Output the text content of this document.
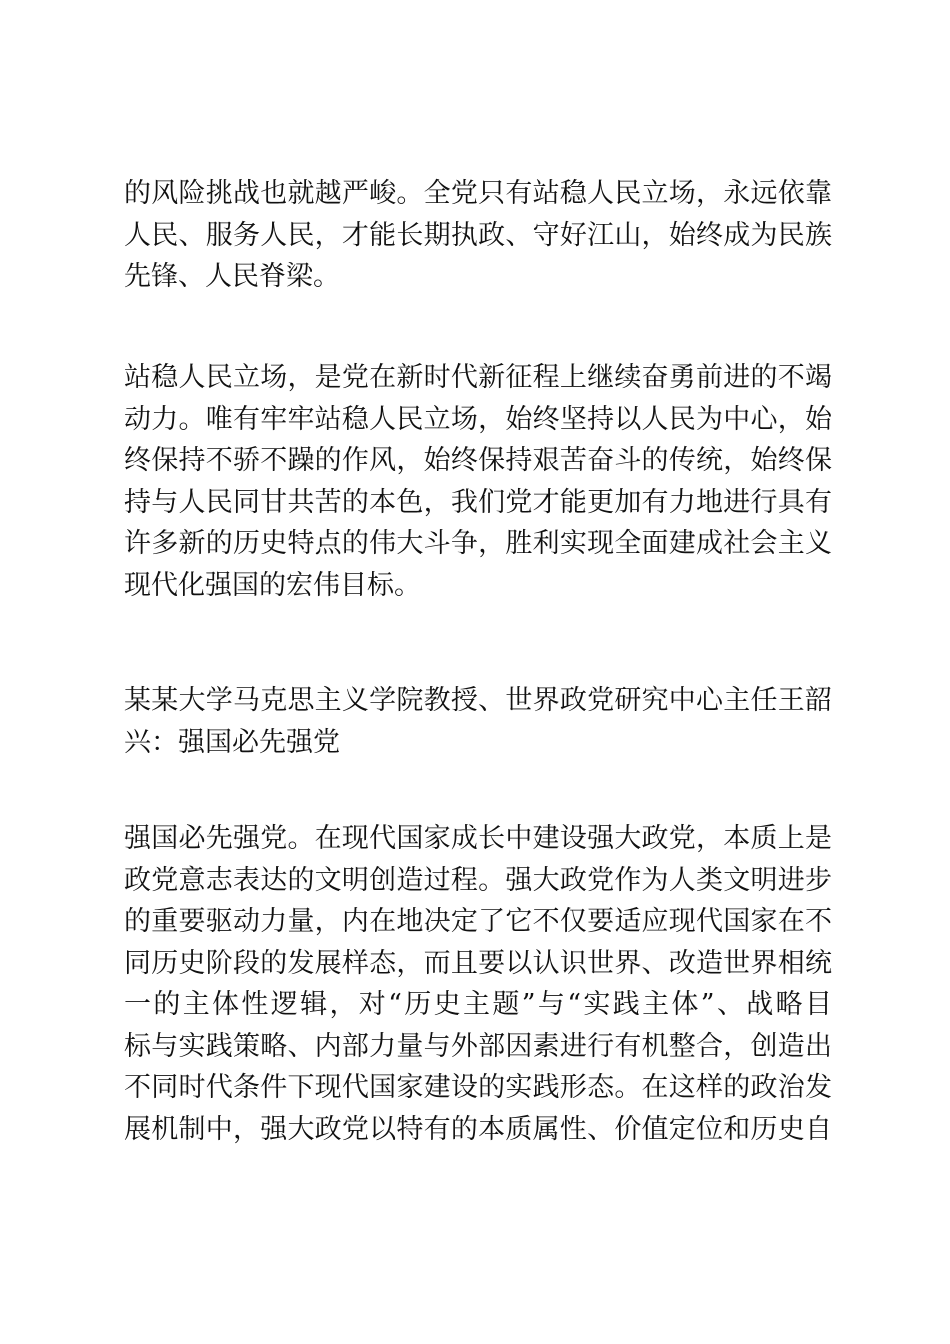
的风险挑战也就越严峻。全党只有站稳人民立场，永远依靠
人民、服务人民，才能长期执政、守好江山，始终成为民族
先锋、人民脊梁。
站稳人民立场，是党在新时代新征程上继续奋勇前进的不竭
动力。唯有牢牢站稳人民立场，始终坚持以人民为中心，始
终保持不骄不躁的作风，始终保持艰苦奋斗的传统，始终保
持与人民同甘共苦的本色，我们党才能更加有力地进行具有
许多新的历史特点的伟大斗争，胜利实现全面建成社会主义
现代化强国的宏伟目标。
某某大学马克思主义学院教授、世界政党研究中心主任王韶
兴：强国必先强党
强国必先强党。在现代国家成长中建设强大政党，本质上是
政党意志表达的文明创造过程。强大政党作为人类文明进步
的重要驱动力量，内在地决定了它不仅要适应现代国家在不
同历史阶段的发展样态，而且要以认识世界、改造世界相统
一的主体性逻辑，对“历史主题”与“实践主体”、战略目
标与实践策略、内部力量与外部因素进行有机整合，创造出
不同时代条件下现代国家建设的实践形态。在这样的政治发
展机制中，强大政党以特有的本质属性、价值定位和历史自
